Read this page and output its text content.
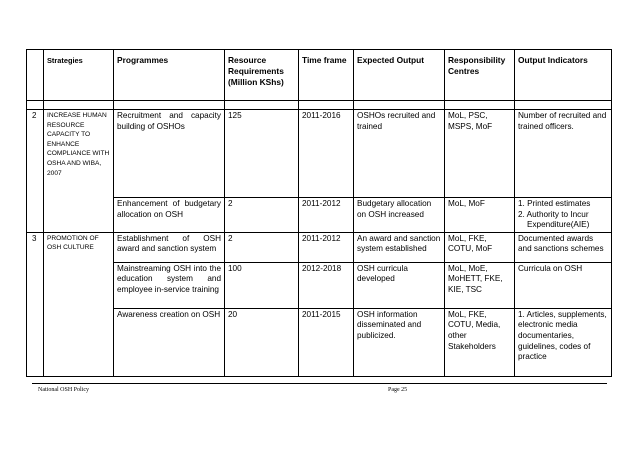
	Strategies	Programmes	Resource Requirements (Million KShs)	Time frame	Expected Output	Responsibility Centres	Output Indicators

2	INCREASE HUMAN RESOURCE CAPACITY TO ENHANCE COMPLIANCE WITH OSHA AND WIBA, 2007	Recruitment and capacity building of OSHOs	125	2011-2016	OSHOs recruited and trained	MoL, PSC, MSPS, MoF	Number of recruited and trained officers.
		Enhancement of budgetary allocation on OSH	2	2011-2012	Budgetary allocation on OSH increased	MoL, MoF	1. Printed estimates
2. Authority to Incur
Expenditure(AIE)

3	PROMOTION OF OSH CULTURE	Establishment of OSH award and sanction system	2	2011-2012	An award and sanction system established	MoL, FKE, COTU, MoF	Documented awards and sanctions schemes
		Mainstreaming OSH into the education system and employee in-service training	100	2012-2018	OSH curricula developed	MoL, MoE, MoHETT, FKE, KIE, TSC	Curricula on OSH
		Awareness creation on OSH	20	2011-2015	OSH information disseminated and publicized.	MoL, FKE, COTU, Media, other Stakeholders	1. Articles, supplements, electronic media documentaries, guidelines, codes of practice
National OSH Policy	Page 25
